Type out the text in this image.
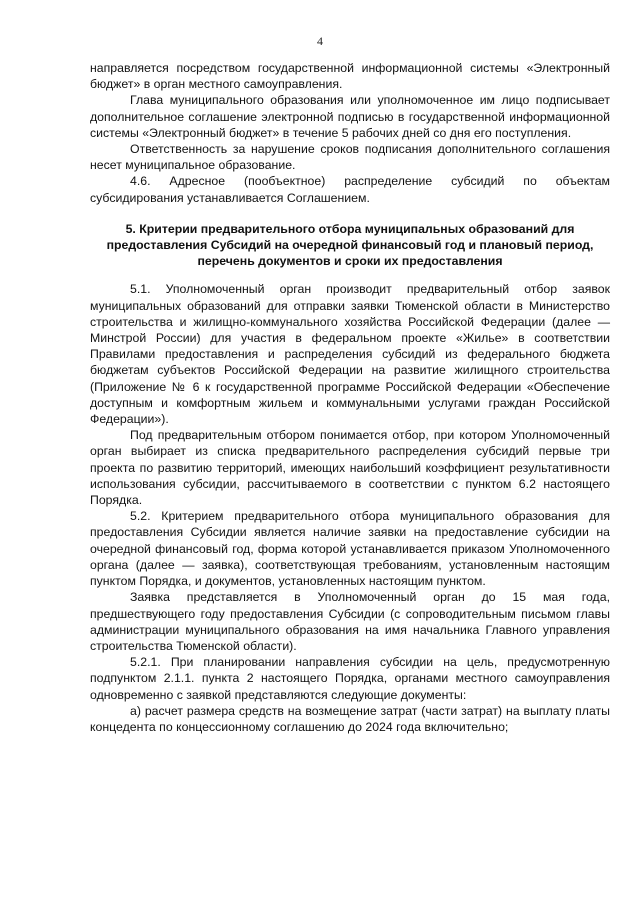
4

направляется посредством государственной информационной системы «Электронный бюджет» в орган местного самоуправления.

Глава муниципального образования или уполномоченное им лицо подписывает дополнительное соглашение электронной подписью в государственной информационной системы «Электронный бюджет» в течение 5 рабочих дней со дня его поступления.

Ответственность за нарушение сроков подписания дополнительного соглашения несет муниципальное образование.

4.6. Адресное (пообъектное) распределение субсидий по объектам субсидирования устанавливается Соглашением.

5. Критерии предварительного отбора муниципальных образований для предоставления Субсидий на очередной финансовый год и плановый период, перечень документов и сроки их предоставления

5.1. Уполномоченный орган производит предварительный отбор заявок муниципальных образований для отправки заявки Тюменской области в Министерство строительства и жилищно-коммунального хозяйства Российской Федерации (далее — Минстрой России) для участия в федеральном проекте «Жилье» в соответствии Правилами предоставления и распределения субсидий из федерального бюджета бюджетам субъектов Российской Федерации на развитие жилищного строительства (Приложение № 6 к государственной программе Российской Федерации «Обеспечение доступным и комфортным жильем и коммунальными услугами граждан Российской Федерации»).

Под предварительным отбором понимается отбор, при котором Уполномоченный орган выбирает из списка предварительного распределения субсидий первые три проекта по развитию территорий, имеющих наибольший коэффициент результативности использования субсидии, рассчитываемого в соответствии с пунктом 6.2 настоящего Порядка.

5.2. Критерием предварительного отбора муниципального образования для предоставления Субсидии является наличие заявки на предоставление субсидии на очередной финансовый год, форма которой устанавливается приказом Уполномоченного органа (далее — заявка), соответствующая требованиям, установленным настоящим пунктом Порядка, и документов, установленных настоящим пунктом.

Заявка представляется в Уполномоченный орган до 15 мая года, предшествующего году предоставления Субсидии (с сопроводительным письмом главы администрации муниципального образования на имя начальника Главного управления строительства Тюменской области).

5.2.1. При планировании направления субсидии на цель, предусмотренную подпунктом 2.1.1. пункта 2 настоящего Порядка, органами местного самоуправления одновременно с заявкой представляются следующие документы:

а) расчет размера средств на возмещение затрат (части затрат) на выплату платы концедента по концессионному соглашению до 2024 года включительно;
